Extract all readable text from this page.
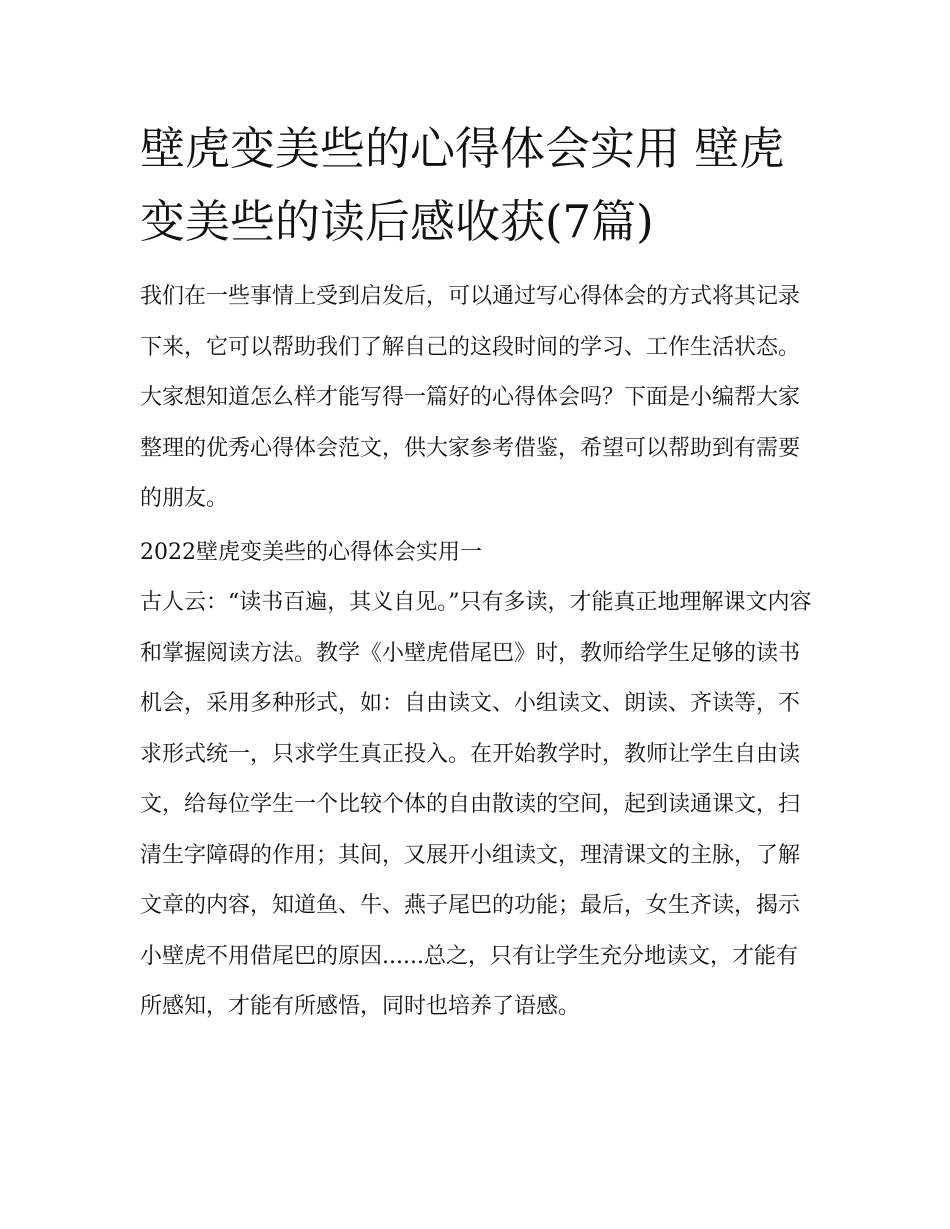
壁虎变美些的心得体会实用 壁虎变美些的读后感收获(7篇)

我们在一些事情上受到启发后，可以通过写心得体会的方式将其记录下来，它可以帮助我们了解自己的这段时间的学习、工作生活状态。大家想知道怎么样才能写得一篇好的心得体会吗？下面是小编帮大家整理的优秀心得体会范文，供大家参考借鉴，希望可以帮助到有需要的朋友。

2022壁虎变美些的心得体会实用一

古人云：“读书百遍，其义自见。”只有多读，才能真正地理解课文内容和掌握阅读方法。教学《小壁虎借尾巴》时，教师给学生足够的读书机会，采用多种形式，如：自由读文、小组读文、朗读、齐读等，不求形式统一，只求学生真正投入。在开始教学时，教师让学生自由读文，给每位学生一个比较个体的自由散读的空间，起到读通课文，扫清生字障碍的作用；其间，又展开小组读文，理清课文的主脉，了解文章的内容，知道鱼、牛、燕子尾巴的功能；最后，女生齐读，揭示小壁虎不用借尾巴的原因......总之，只有让学生充分地读文，才能有所感知，才能有所感悟，同时也培养了语感。
